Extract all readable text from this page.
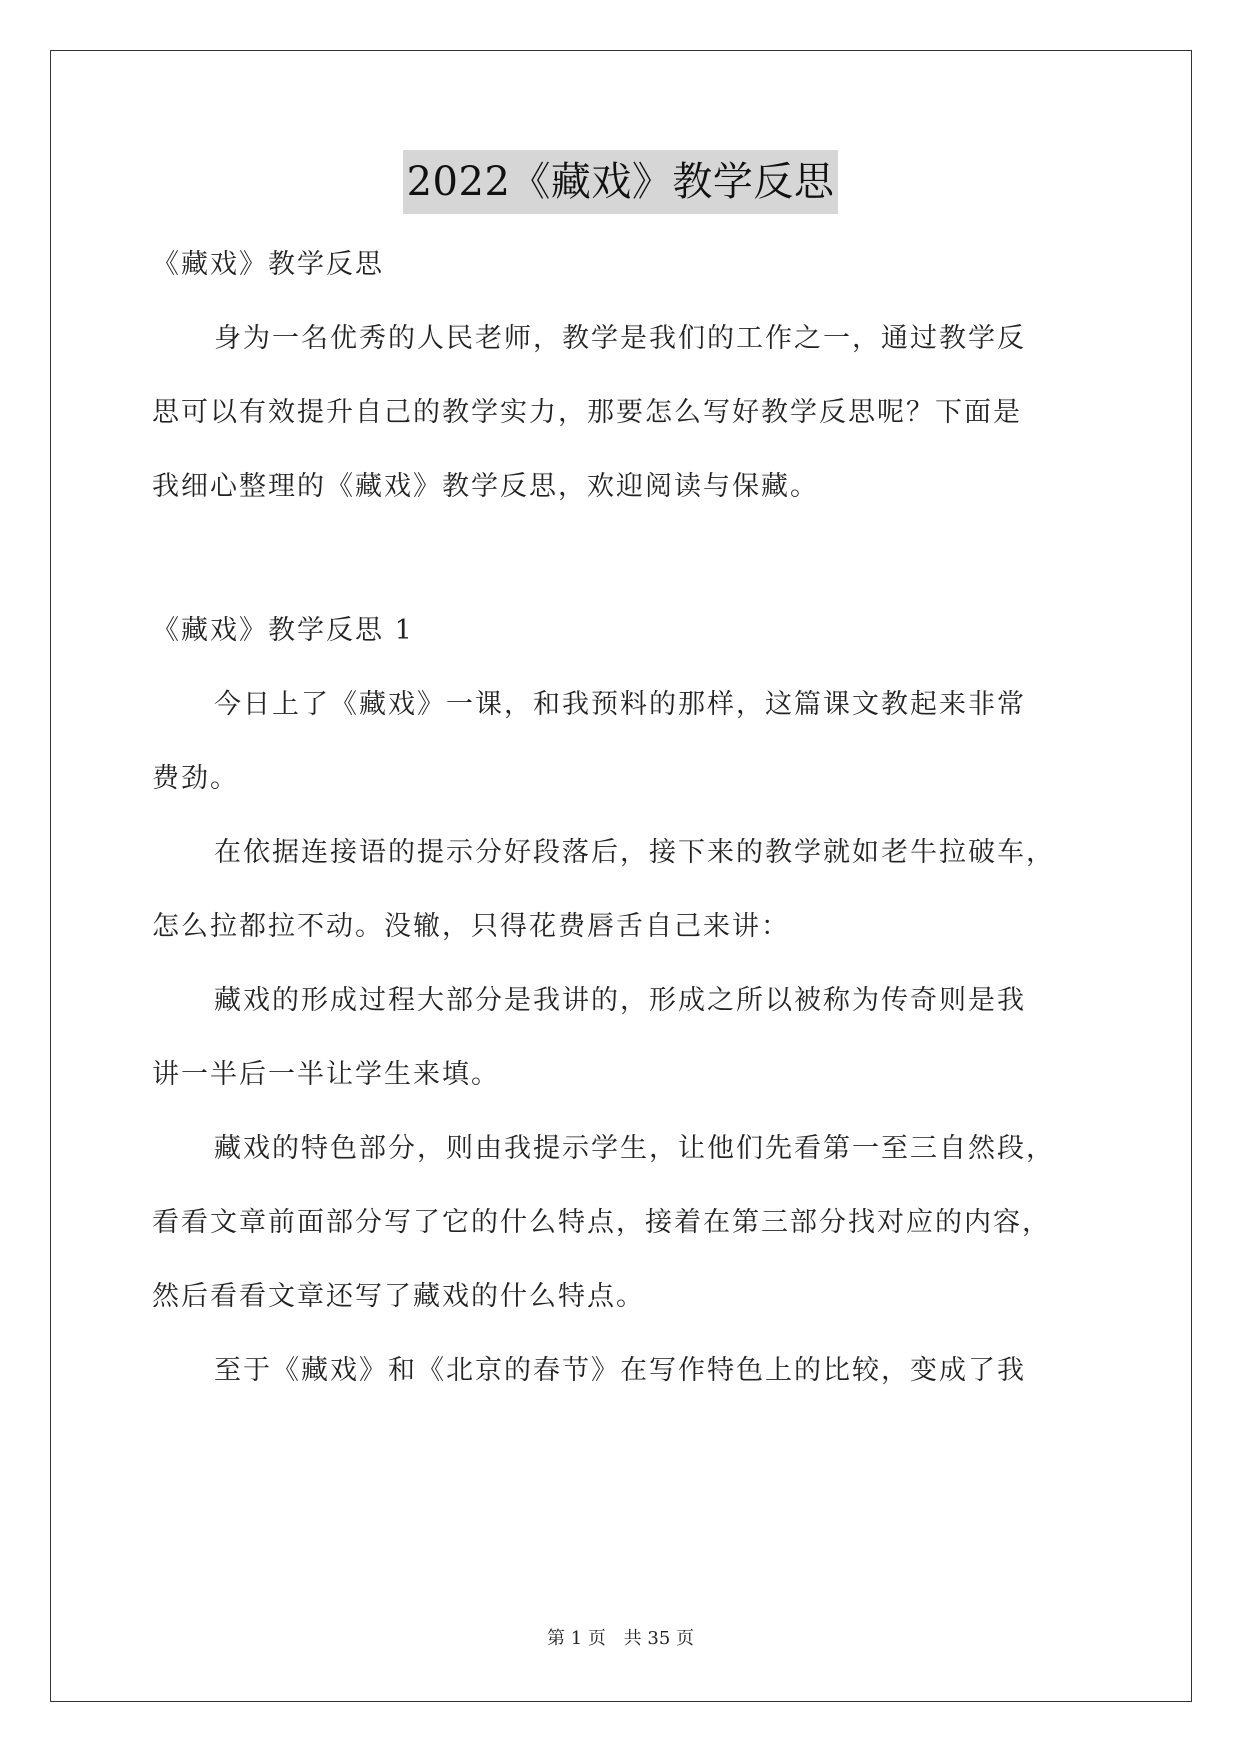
2022《藏戏》教学反思
《藏戏》教学反思
身为一名优秀的人民老师，教学是我们的工作之一，通过教学反
思可以有效提升自己的教学实力，那要怎么写好教学反思呢？下面是
我细心整理的《藏戏》教学反思，欢迎阅读与保藏。
《藏戏》教学反思 1
今日上了《藏戏》一课，和我预料的那样，这篇课文教起来非常
费劲。
在依据连接语的提示分好段落后，接下来的教学就如老牛拉破车，
怎么拉都拉不动。没辙，只得花费唇舌自己来讲：
藏戏的形成过程大部分是我讲的，形成之所以被称为传奇则是我
讲一半后一半让学生来填。
藏戏的特色部分，则由我提示学生，让他们先看第一至三自然段，
看看文章前面部分写了它的什么特点，接着在第三部分找对应的内容，
然后看看文章还写了藏戏的什么特点。
至于《藏戏》和《北京的春节》在写作特色上的比较，变成了我
第 1 页 共 35 页
